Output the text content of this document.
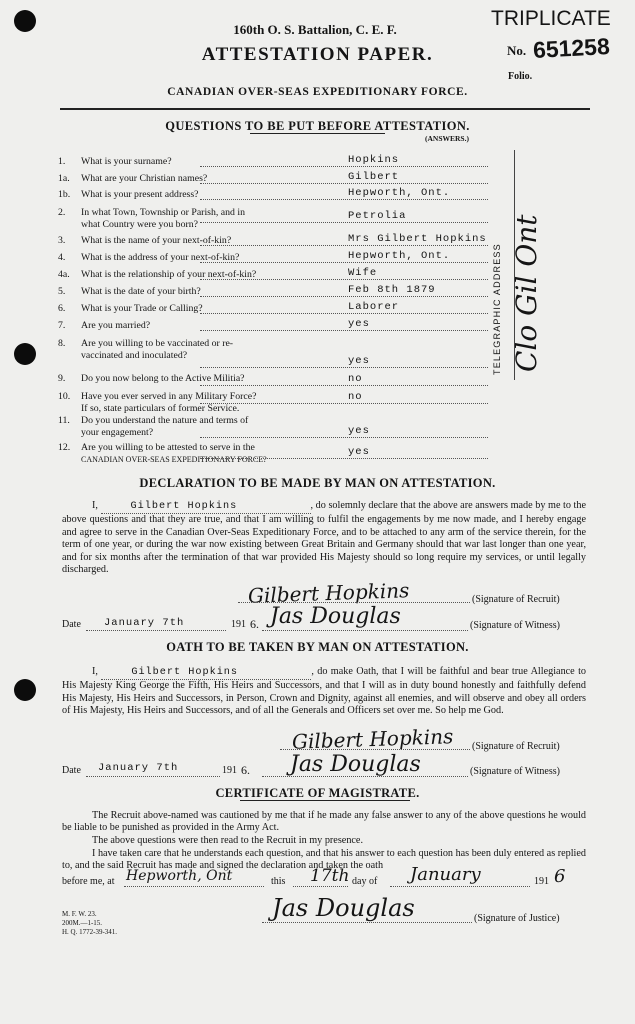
160th O. S. Battalion, C. E. F.
ATTESTATION PAPER.
TRIPLICATE
No. 651258
Folio.
CANADIAN OVER-SEAS EXPEDITIONARY FORCE.
QUESTIONS TO BE PUT BEFORE ATTESTATION.
(ANSWERS.)
1. What is your surname?	Hopkins
1a. What are your Christian names?	Gilbert
1b. What is your present address?	Hepworth, Ont.
2. In what Town, Township or Parish, and in
what Country were you born?
Petrolia
3. What is the name of your next-of-kin?	Mrs Gilbert Hopkins
4. What is the address of your next-of-kin?	Hepworth, Ont.
4a. What is the relationship of your next-of-kin?	Wife
5. What is the date of your birth?	Feb 8th 1879
6. What is your Trade or Calling?	Laborer
7. Are you married?	yes
8. Are you willing to be vaccinated or re-
vaccinated and inoculated?	yes
9. Do you now belong to the Active Militia?	no
10. Have you ever served in any Military Force?
If so, state particulars of former Service.
no
11. Do you understand the nature and terms of
your engagement?	yes
12. Are you willing to be attested to serve in the
CANADIAN OVER-SEAS EXPEDITIONARY FORCE?
yes
TELEGRAPHIC ADDRESS Clo Gil Ont
DECLARATION TO BE MADE BY MAN ON ATTESTATION.
I,	Gilbert Hopkins	, do solemnly declare that the above are answers made by me to the above questions and that they are true, and that I am willing to fulfil the engagements by me now made, and I hereby engage and agree to serve in the Canadian Over-Seas Expeditionary Force, and to be attached to any arm of the service therein, for the term of one year, or during the war now existing between Great Britain and Germany should that war last longer than one year, and for six months after the termination of that war provided His Majesty should so long require my services, or until legally discharged.
Gilbert Hopkins	(Signature of Recruit)
Date January 7th	191 6. Jas Douglas	(Signature of Witness)
OATH TO BE TAKEN BY MAN ON ATTESTATION.
I,	Gilbert Hopkins	, do make Oath, that I will be faithful and bear true Allegiance to His Majesty King George the Fifth, His Heirs and Successors, and that I will as in duty bound honestly and faithfully defend His Majesty, His Heirs and Successors, in Person, Crown and Dignity, against all enemies, and will observe and obey all orders of His Majesty, His Heirs and Successors, and of all the Generals and Officers set over me. So help me God.
Gilbert Hopkins (Signature of Recruit)
Date January 7th	191 6. Jas Douglas	(Signature of Witness)
CERTIFICATE OF MAGISTRATE.
The Recruit above-named was cautioned by me that if he made any false answer to any of the above questions he would be liable to be punished as provided in the Army Act.
The above questions were then read to the Recruit in my presence.
I have taken care that he understands each question, and that his answer to each question has been duly entered as replied to, and the said Recruit has made and signed the declaration and taken the oath
before me, at Hepworth, Ont	this 17th day of January	191 6
Jas Douglas	(Signature of Justice)
M. F. W. 23.
200M.—1-15.
H. Q. 1772-39-341.
